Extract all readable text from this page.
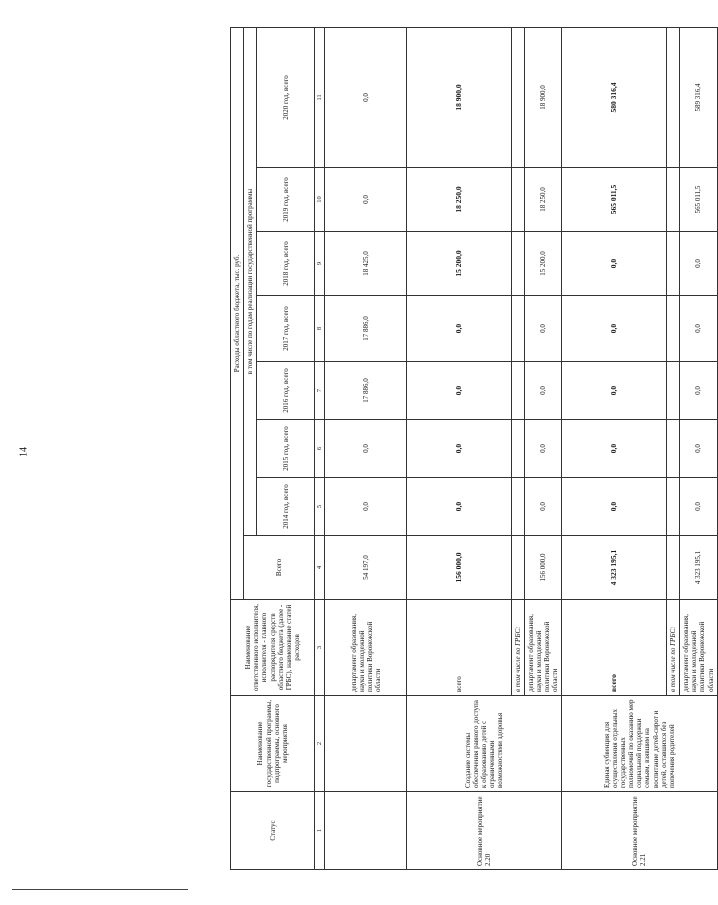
14
Статус	Наименование государственной программы, подпрограммы, основного мероприятия	Наименование ответственного исполнителя, исполнителя - главного распорядителя средств областного бюджета (далее - ГРБС), наименование статей расходов	Расходы областного бюджета, тыс. руб.							
			Всего	в том числе по годам реализации государственной программы						
				2014 год, всего	2015 год, всего	2016 год, всего	2017 год, всего	2018 год, всего	2019 год, всего	2020 год, всего
1	2	3	4	5	6	7	8	9	10	11
		департамент образования, науки и молодежной политики Воронежской области	54 197,0	0,0	0,0	17 886,0	17 886,0	18 425,0	0,0	0,0
Основное мероприятие 2.20	Создание системы обеспечения равного доступа к образованию детей с ограниченными возможностями здоровья	всего	156 000,0	0,0	0,0	0,0	0,0	15 200,0	18 250,0	18 900,0
		в том числе по ГРБС:								
		департамент образования, науки и молодежной политики Воронежской области	156 000,0	0,0	0,0	0,0	0,0	15 200,0	18 250,0	18 900,0
Основное мероприятие 2.21	Единая субвенция для осуществления отдельных государственных полномочий по оказанию мер социальной поддержки семьям, взявшим на воспитание детей-сирот и детей, оставшихся без попечения родителей	всего	4 323 195,1	0,0	0,0	0,0	0,0	0,0	565 011,5	580 316,4
		в том числе по ГРБС:								
		департамент образования, науки и молодежной политики Воронежской области	4 323 195,1	0,0	0,0	0,0	0,0	0,0	565 011,5	589 316,4
